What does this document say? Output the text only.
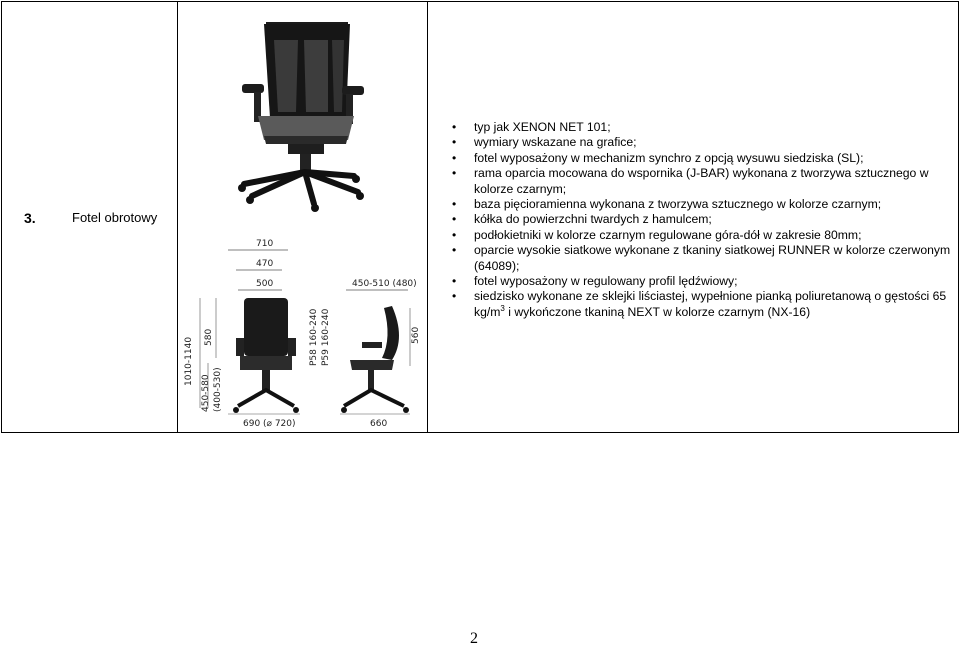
3.	Fotel obrotowy
710
470
500	450-510 (480)
690 (⌀ 720)	660
1010-1140 580
450-580 (400-530)
P58 160-240 P59 160-240	560
• typ jak XENON NET 101;
• wymiary wskazane na grafice;
• fotel wyposażony w mechanizm synchro z opcją wysuwu siedziska (SL);
• rama oparcia mocowana do wspornika (J-BAR) wykonana z tworzywa sztucznego w kolorze czarnym;
• baza pięcioramienna wykonana z tworzywa sztucznego w kolorze czarnym;
• kółka do powierzchni twardych z hamulcem;
• podłokietniki w kolorze czarnym regulowane góra-dół w zakresie 80mm;
• oparcie wysokie siatkowe wykonane z tkaniny siatkowej RUNNER w kolorze czerwonym (64089);
• fotel wyposażony w regulowany profil lędźwiowy;
• siedzisko wykonane ze sklejki liściastej, wypełnione pianką poliuretanową o gęstości 65 $kg/m^3$ i wykończone tkaniną NEXT w kolorze czarnym (NX-16)
2
